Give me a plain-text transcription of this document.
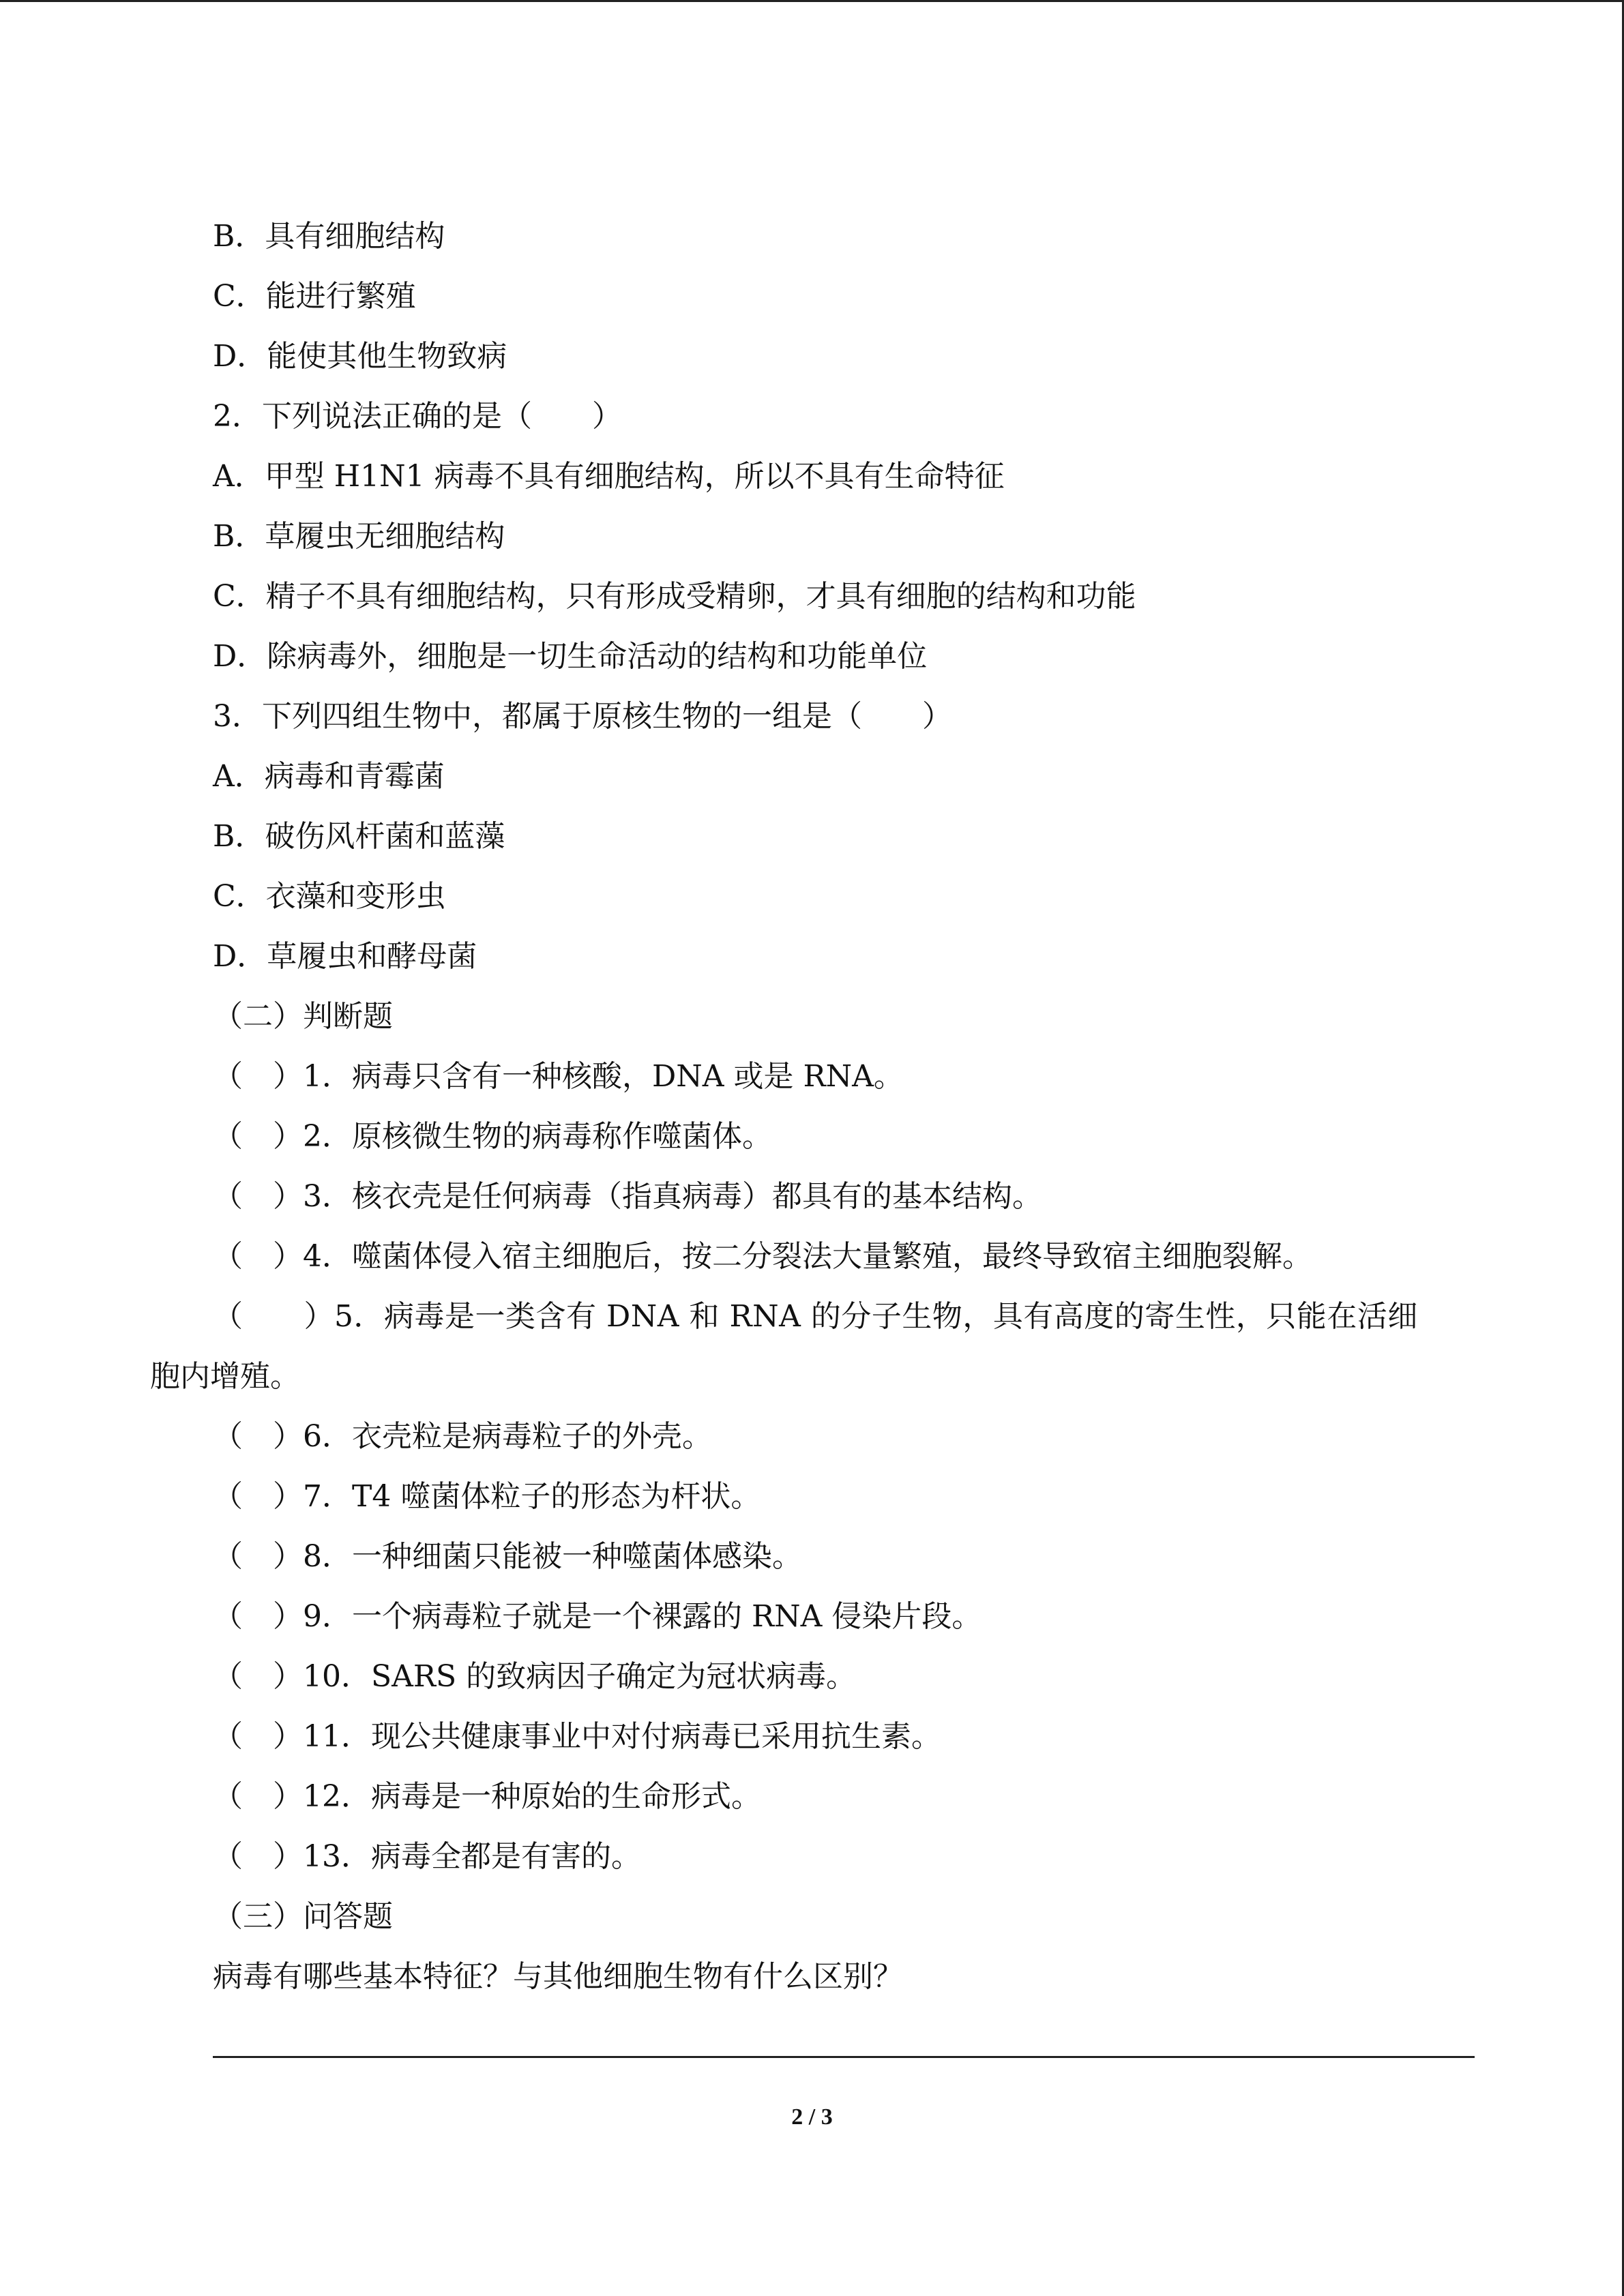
B．具有细胞结构
C．能进行繁殖
D．能使其他生物致病
2．下列说法正确的是（　　）
A．甲型 H1N1 病毒不具有细胞结构，所以不具有生命特征
B．草履虫无细胞结构
C．精子不具有细胞结构，只有形成受精卵，才具有细胞的结构和功能
D．除病毒外，细胞是一切生命活动的结构和功能单位
3．下列四组生物中，都属于原核生物的一组是（　　）
A．病毒和青霉菌
B．破伤风杆菌和蓝藻
C．衣藻和变形虫
D．草履虫和酵母菌
（二）判断题
（　）1．病毒只含有一种核酸，DNA 或是 RNA。
（　）2．原核微生物的病毒称作噬菌体。
（　）3．核衣壳是任何病毒（指真病毒）都具有的基本结构。
（　）4．噬菌体侵入宿主细胞后，按二分裂法大量繁殖，最终导致宿主细胞裂解。
（　　）5．病毒是一类含有 DNA 和 RNA 的分子生物，具有高度的寄生性，只能在活细
胞内增殖。
（　）6．衣壳粒是病毒粒子的外壳。
（　）7．T4 噬菌体粒子的形态为杆状。
（　）8．一种细菌只能被一种噬菌体感染。
（　）9．一个病毒粒子就是一个裸露的 RNA 侵染片段。
（　）10．SARS 的致病因子确定为冠状病毒。
（　）11．现公共健康事业中对付病毒已采用抗生素。
（　）12．病毒是一种原始的生命形式。
（　）13．病毒全都是有害的。
（三）问答题
病毒有哪些基本特征？与其他细胞生物有什么区别？
2 / 3
